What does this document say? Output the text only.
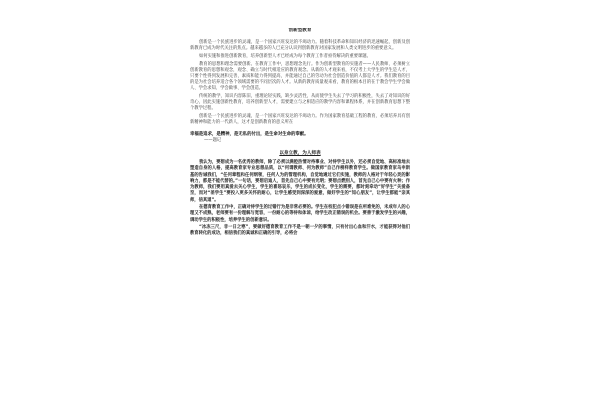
创新型教育

创新是一个民族进步的灵魂，是一个国家兴旺发达的不竭动力。随着科技革命和知识经济的迅速崛起，创新及创新教育已成为时代关注的焦点。越来越多的人已充分认识到创新教育对国家发展和人类文明进步的重要意义。

如何实施和推进创新教育，培养创新型人才已经成为每个教育工作者亟待解决的重要课题。

教育的思想和理念需要创新。在教育工作中，思想理念先行。作为创新型教育的实施者——人民教师，必须树立创新教育的思想和观念，观念、确立与时代相适应的教育观念。从新的人才观来看，不仅考上大学生的学生是人才，只要个性得到发展和完善，素质和能力得到提高，并能通过自己的劳动为社会创造价值的人都是人才。我们教育的目的是为社会培养适合各个领域需要的不同层次的人才。从新的教育质量观来看，教育的根本目的在于教会学生学会做人、学会求知、学会做事、学会创造。

传统的教学，知识内容陈旧，重理论轻实践，缺少灵活性，从而使学生失去了学习的积极性，失去了对知识的好奇心，因此实施创新性教育，培养创新型人才，需要建立与之相适应的教学内容和课程体系，并在创新教育思想下整个教学过程。

创新是一个民族进步的灵魂，是一个国家兴旺发达的不竭动力。作为国家教育基础工程的教育，必须培养具有创新精神和能力的一代新人，这才是创新教育的意义所在

幸福是追求，是精神，是无私的付出，是生命对生命的奉献。
——题记
以身立教，为人师表

我认为，要想成为一名优秀的教师，除了必须以满腔热情对待事业、对待学生以外，还必须自觉地、高标准地去塑造自身的人格，提高教育家专业思想品质，以“何谓教师、何为教师”自己作榜样教育学生。做国家教育家乌申斯基的告诫我们，“任何章程和任何纲领，任何人为的管理机构，自觉地通过它们实施，教师的人格对于年轻心灵的影响力，都是不能代替的。”一句话，要想启迪人，首先自己心中要有光明；要想点燃别人，首先自己心中要有火种；作为教师，我们要用真爱去关心学生，学生的喜怒哀乐，学生的成长变化，学生的需要，都时刻牵动“好学生”关爱备至，而对“差学生”要投入更多关怀的耐心，让学生感受到深深的爱意，做好学生的“知心朋友”，让学生都能“亲其师，信其道”。

在德育教育工作中，正确对待学生的过错行为是非常必要的。学生在校犯点小错误是在所难免的，未成年人的心理又不成熟，老师要有一份理解与宽容，一份耐心的等待和体谅，给学生改正错误的机会。要善于激发学生的兴趣，调动学生的积极性，培养学生的创新意识。

“冰冻三尺，非一日之寒”，要做好德育教育工作不是一朝一夕的事情，只有付出心血和汗水，才能获得对他们教育转化的成功，相信我们的真诚和正确的引导，必将会
